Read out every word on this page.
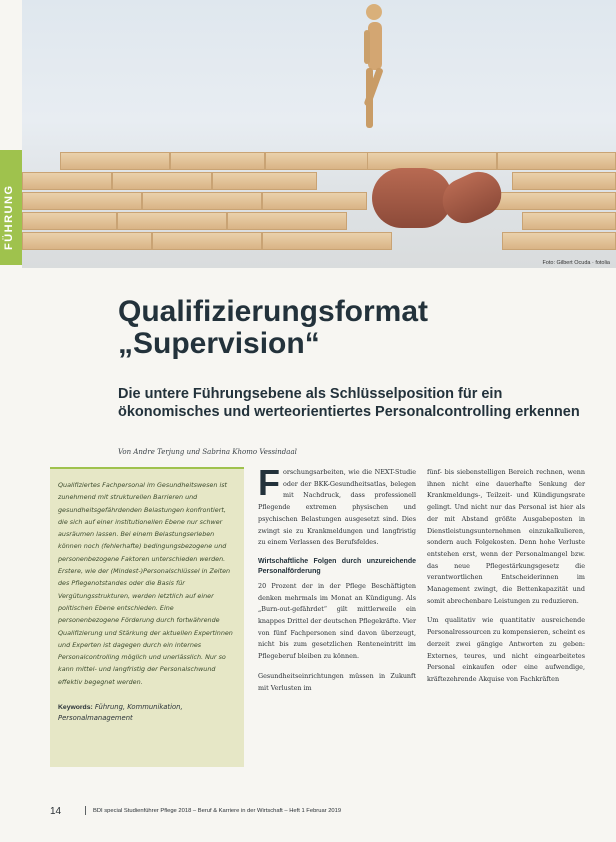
Foto: Gilbert Ocuda · fotolia
FÜHRUNG
Qualifizierungsformat
„Supervision“
Die untere Führungsebene als Schlüsselposition für ein ökonomisches und werteorientiertes Personalcontrolling erkennen
Von Andre Terjung und Sabrina Khomo Vessindaal

Qualifiziertes Fachpersonal im Gesundheitswesen ist zunehmend mit strukturellen Barrieren und gesundheitsgefährdenden Belastungen konfrontiert, die sich auf einer institutionellen Ebene nur schwer ausräumen lassen. Bei einem Belastungserleben können noch (fehlerhafte) bedingungsbezogene und personenbezogene Faktoren unterschieden werden. Erstere, wie der (Mindest-)Personalschlüssel in Zeiten des Pflegenotstandes oder die Basis für Vergütungsstrukturen, werden letztlich auf einer politischen Ebene entschieden. Eine personenbezogene Förderung durch fortwährende Qualifizierung und Stärkung der aktuellen Expertinnen und Experten ist dagegen durch ein internes Personalcontrolling möglich und unerlässlich. Nur so kann mittel- und langfristig der Personalschwund effektiv begegnet werden.

Keywords: Führung, Kommunikation, Personalmanagement

Forschungsarbeiten, wie die NEXT-Studie oder der BKK-Gesundheitsatlas, belegen mit Nachdruck, dass professionell Pflegende extremen physischen und psychischen Belastungen ausgesetzt sind. Dies zwingt sie zu Krankmeldungen und langfristig zu einem Verlassen des Berufsfeldes.

Wirtschaftliche Folgen durch unzureichende Personalförderung

20 Prozent der in der Pflege Beschäftigten denken mehrmals im Monat an Kündigung. Als „Burn-out-gefährdet“ gilt mittlerweile ein knappes Drittel der deutschen Pflegekräfte. Vier von fünf Fachpersonen sind davon überzeugt, nicht bis zum gesetzlichen Renteneintritt im Pflegeberuf bleiben zu können.

Gesundheitseinrichtungen müssen in Zukunft mit Verlusten im

fünf- bis siebenstelligen Bereich rechnen, wenn ihnen nicht eine dauerhafte Senkung der Krankmeldungs-, Teilzeit- und Kündigungsrate gelingt. Und nicht nur das Personal ist hier als der mit Abstand größte Ausgabeposten in Dienstleistungsunternehmen einzukalkulieren, sondern auch Folgekosten. Denn hohe Verluste entstehen erst, wenn der Personalmangel bzw. das neue Pflegestärkungsgesetz die verantwortlichen Entscheiderinnen im Management zwingt, die Bettenkapazität und somit abrechenbare Leistungen zu reduzieren.

Um qualitativ wie quantitativ ausreichende Personalressourcen zu kompensieren, scheint es derzeit zwei gängige Antworten zu geben: Externes, teures, und nicht eingearbeitetes Personal einkaufen oder eine aufwendige, kräftezehrende Akquise von Fachkräften

14	| BDI special Studienführer Pflege 2018 – Beruf & Karriere in der Wirtschaft – Heft 1 Februar 2019
